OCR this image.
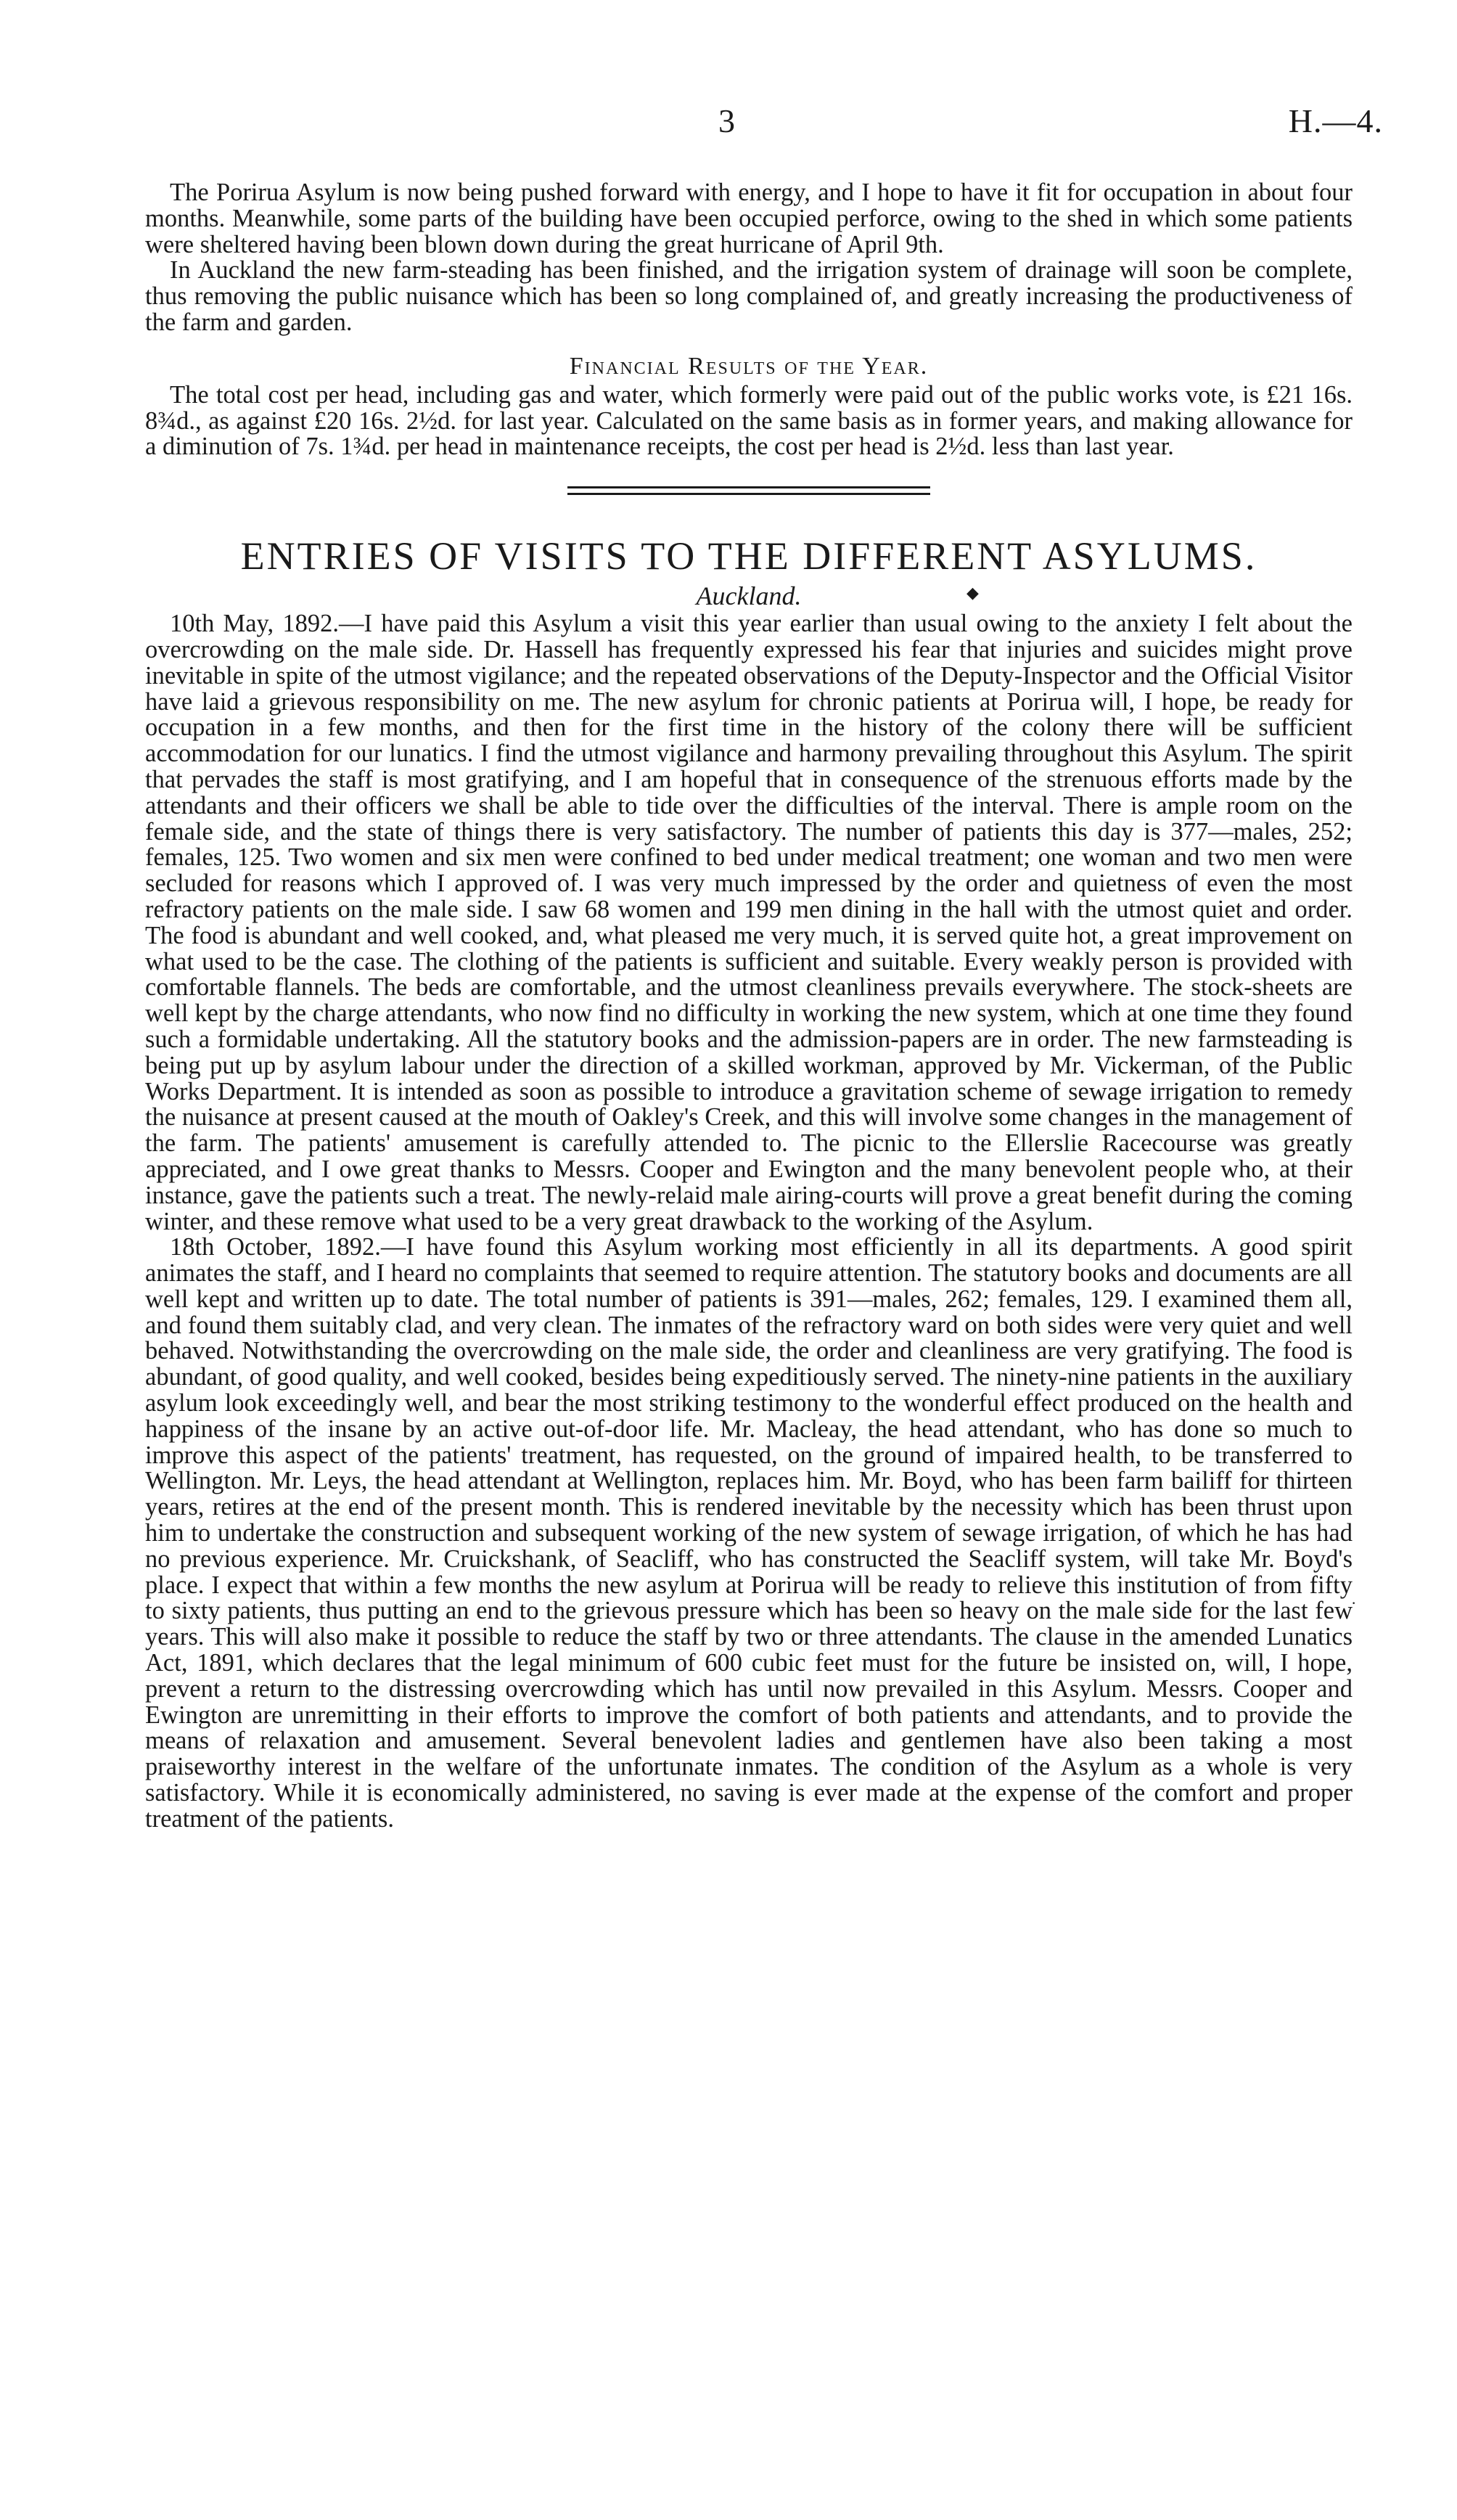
3	H.—4.

The Porirua Asylum is now being pushed forward with energy, and I hope to have it fit for occupation in about four months. Meanwhile, some parts of the building have been occupied perforce, owing to the shed in which some patients were sheltered having been blown down during the great hurricane of April 9th.

In Auckland the new farm-steading has been finished, and the irrigation system of drainage will soon be complete, thus removing the public nuisance which has been so long complained of, and greatly increasing the productiveness of the farm and garden.

Financial Results of the Year.

The total cost per head, including gas and water, which formerly were paid out of the public works vote, is £21 16s. 8¾d., as against £20 16s. 2½d. for last year. Calculated on the same basis as in former years, and making allowance for a diminution of 7s. 1¾d. per head in maintenance receipts, the cost per head is 2½d. less than last year.

ENTRIES OF VISITS TO THE DIFFERENT ASYLUMS.
Auckland.

10th May, 1892.—I have paid this Asylum a visit this year earlier than usual owing to the anxiety I felt about the overcrowding on the male side. Dr. Hassell has frequently expressed his fear that injuries and suicides might prove inevitable in spite of the utmost vigilance; and the repeated observations of the Deputy-Inspector and the Official Visitor have laid a grievous responsibility on me. The new asylum for chronic patients at Porirua will, I hope, be ready for occupation in a few months, and then for the first time in the history of the colony there will be sufficient accommodation for our lunatics. I find the utmost vigilance and harmony prevailing throughout this Asylum. The spirit that pervades the staff is most gratifying, and I am hopeful that in consequence of the strenuous efforts made by the attendants and their officers we shall be able to tide over the difficulties of the interval. There is ample room on the female side, and the state of things there is very satisfactory. The number of patients this day is 377—males, 252; females, 125. Two women and six men were confined to bed under medical treatment; one woman and two men were secluded for reasons which I approved of. I was very much impressed by the order and quietness of even the most refractory patients on the male side. I saw 68 women and 199 men dining in the hall with the utmost quiet and order. The food is abundant and well cooked, and, what pleased me very much, it is served quite hot, a great improvement on what used to be the case. The clothing of the patients is sufficient and suitable. Every weakly person is provided with comfortable flannels. The beds are comfortable, and the utmost cleanliness prevails everywhere. The stock-sheets are well kept by the charge attendants, who now find no difficulty in working the new system, which at one time they found such a formidable undertaking. All the statutory books and the admission-papers are in order. The new farmsteading is being put up by asylum labour under the direction of a skilled workman, approved by Mr. Vickerman, of the Public Works Department. It is intended as soon as possible to introduce a gravitation scheme of sewage irrigation to remedy the nuisance at present caused at the mouth of Oakley's Creek, and this will involve some changes in the management of the farm. The patients' amusement is carefully attended to. The picnic to the Ellerslie Racecourse was greatly appreciated, and I owe great thanks to Messrs. Cooper and Ewington and the many benevolent people who, at their instance, gave the patients such a treat. The newly-relaid male airing-courts will prove a great benefit during the coming winter, and these remove what used to be a very great drawback to the working of the Asylum.

18th October, 1892.—I have found this Asylum working most efficiently in all its departments. A good spirit animates the staff, and I heard no complaints that seemed to require attention. The statutory books and documents are all well kept and written up to date. The total number of patients is 391—males, 262; females, 129. I examined them all, and found them suitably clad, and very clean. The inmates of the refractory ward on both sides were very quiet and well behaved. Notwithstanding the overcrowding on the male side, the order and cleanliness are very gratifying. The food is abundant, of good quality, and well cooked, besides being expeditiously served. The ninety-nine patients in the auxiliary asylum look exceedingly well, and bear the most striking testimony to the wonderful effect produced on the health and happiness of the insane by an active out-of-door life. Mr. Macleay, the head attendant, who has done so much to improve this aspect of the patients' treatment, has requested, on the ground of impaired health, to be transferred to Wellington. Mr. Leys, the head attendant at Wellington, replaces him. Mr. Boyd, who has been farm bailiff for thirteen years, retires at the end of the present month. This is rendered inevitable by the necessity which has been thrust upon him to undertake the construction and subsequent working of the new system of sewage irrigation, of which he has had no previous experience. Mr. Cruickshank, of Seacliff, who has constructed the Seacliff system, will take Mr. Boyd's place. I expect that within a few months the new asylum at Porirua will be ready to relieve this institution of from fifty to sixty patients, thus putting an end to the grievous pressure which has been so heavy on the male side for the last few years. This will also make it possible to reduce the staff by two or three attendants. The clause in the amended Lunatics Act, 1891, which declares that the legal minimum of 600 cubic feet must for the future be insisted on, will, I hope, prevent a return to the distressing overcrowding which has until now prevailed in this Asylum. Messrs. Cooper and Ewington are unremitting in their efforts to improve the comfort of both patients and attendants, and to provide the means of relaxation and amusement. Several benevolent ladies and gentlemen have also been taking a most praiseworthy interest in the welfare of the unfortunate inmates. The condition of the Asylum as a whole is very satisfactory. While it is economically administered, no saving is ever made at the expense of the comfort and proper treatment of the patients.

◆
·
